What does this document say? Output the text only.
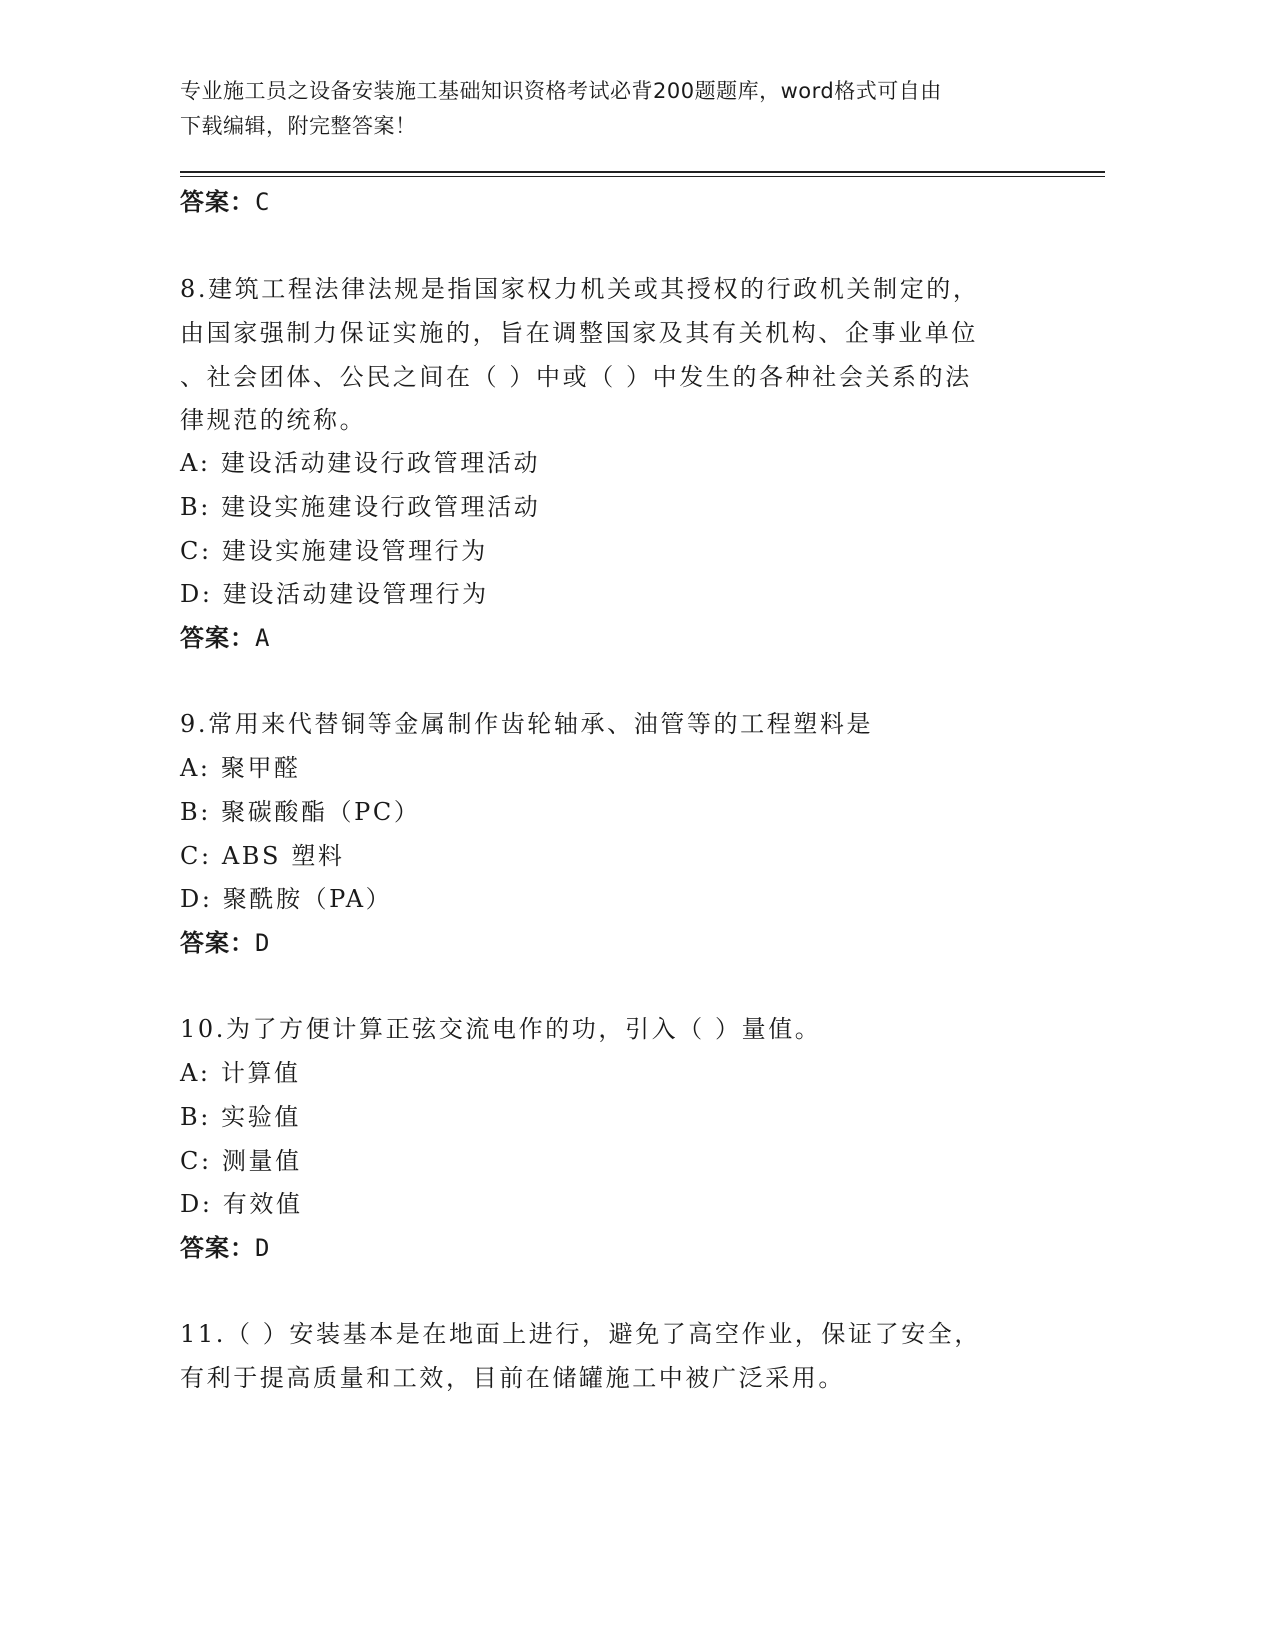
专业施工员之设备安装施工基础知识资格考试必背200题题库，word格式可自由
下载编辑，附完整答案！
答案：C
8.建筑工程法律法规是指国家权力机关或其授权的行政机关制定的，
由国家强制力保证实施的，旨在调整国家及其有关机构、企事业单位
、社会团体、公民之间在（ ）中或（ ）中发生的各种社会关系的法
律规范的统称。
A: 建设活动建设行政管理活动
B: 建设实施建设行政管理活动
C: 建设实施建设管理行为
D: 建设活动建设管理行为
答案：A
9.常用来代替铜等金属制作齿轮轴承、油管等的工程塑料是
A: 聚甲醛
B: 聚碳酸酯（PC）
C: ABS 塑料
D: 聚酰胺（PA）
答案：D
10.为了方便计算正弦交流电作的功，引入（ ）量值。
A: 计算值
B: 实验值
C: 测量值
D: 有效值
答案：D
11.（ ）安装基本是在地面上进行，避免了高空作业，保证了安全，
有利于提高质量和工效，目前在储罐施工中被广泛采用。
